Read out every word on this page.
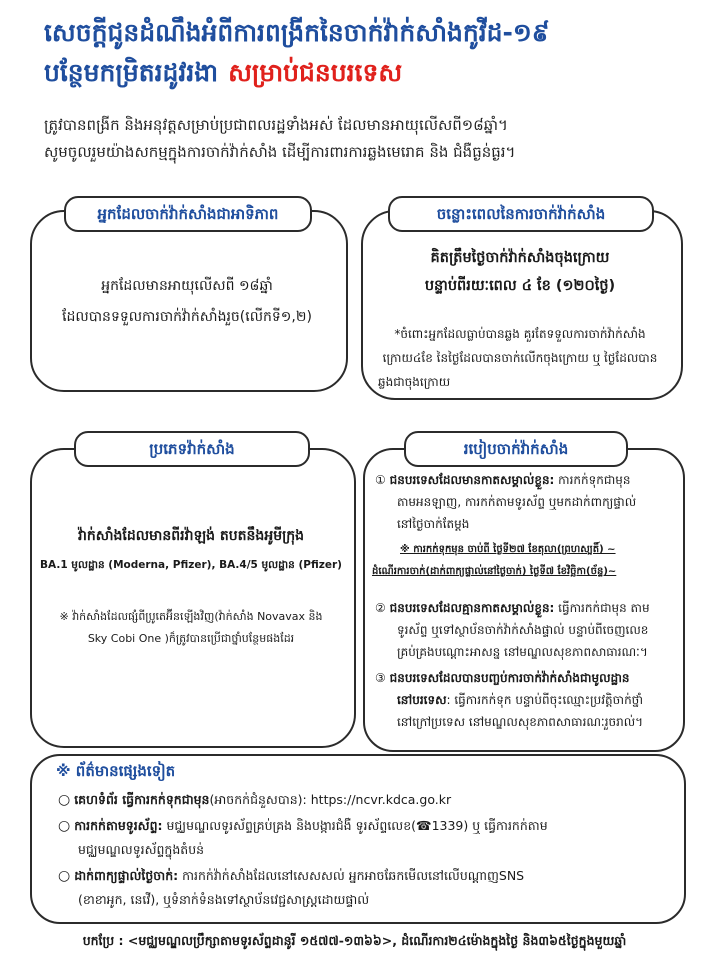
សេចក្តីជូនដំណឹងអំពីការពង្រីកនៃចាក់វ៉ាក់សាំងកូវីដ-១៩
បន្ថែមកម្រិតរដូវរងា សម្រាប់ជនបរទេស
ត្រូវបានពង្រីក និងអនុវត្តសម្រាប់ប្រជាពលរដ្ឋទាំងអស់ ដែលមានអាយុលើសពី១៨ឆ្នាំ។
សូមចូលរួមយ៉ាងសកម្មក្នុងការចាក់វ៉ាក់សាំង ដើម្បីការពារការឆ្លងមេរោគ និង ជំងឺធ្ងន់ធ្ងរ។
អ្នកដែលចាក់វ៉ាក់សាំងជាអាទិភាព
អ្នកដែលមានអាយុលើសពី ១៨ឆ្នាំ
ដែលបានទទួលការចាក់វ៉ាក់សាំងរួច(លើកទី១,២)
ចន្លោះពេលនៃការចាក់វ៉ាក់សាំង
គិតត្រឹមថ្ងៃចាក់វ៉ាក់សាំងចុងក្រោយ
បន្ទាប់ពីរយៈពេល ៤ ខែ (១២០ថ្ងៃ)
*ចំពោះអ្នកដែលធ្លាប់បានឆ្លង គួរតែទទួលការចាក់វ៉ាក់សាំង
ក្រោយ៤ខែ នៃថ្ងៃដែលបានចាក់លើកចុងក្រោយ ឬ ថ្ងៃដែលបាន
ឆ្លងជាចុងក្រោយ
ប្រភេទវ៉ាក់សាំង
វ៉ាក់សាំងដែលមានពីរវ៉ាឡង់ តបតនឹងអូមីក្រុង
BA.1 មូលដ្ឋាន (Moderna, Pfizer), BA.4/5 មូលដ្ឋាន (Pfizer)
※ វ៉ាក់សាំងដែលផ្សំពីប្រូតេអ៊ីនឡើងវិញ(វ៉ាក់សាំង Novavax និង
Sky Cobi One )ក៏ត្រូវបានប្រើជាថ្នាំបន្ថែមផងដែរ
របៀបចាក់វ៉ាក់សាំង
① ជនបរទេសដែលមានកាតសម្គាល់ខ្លួន: ការកក់ទុកជាមុន
តាមអនឡាញ, ការកក់តាមទូរស័ព្ទ ឬមកដាក់ពាក្យផ្ទាល់
នៅថ្ងៃចាក់តែម្តង
※ ការកក់ទុកមុន ចាប់ពី ថ្ងៃទី២៧ ខែតុលា(ព្រហស្បតិ៍) ~
ដំណើរការចាក់(ដាក់ពាក្យផ្ទាល់នៅថ្ងៃចាក់) ថ្ងៃទី៧ ខែវិច្ឆិកា(ច័ន្ទ)~
② ជនបរទេសដែលគ្មានកាតសម្គាល់ខ្លួន: ធ្វើការកក់ជាមុន តាម
ទូរស័ព្ទ ឬទៅស្ថាប័នចាក់វ៉ាក់សាំងផ្ទាល់ បន្ទាប់ពីចេញលេខ
គ្រប់គ្រងបណ្តោះអាសន្ន នៅមណ្ឌលសុខភាពសាធារណៈ។
③ ជនបរទេសដែលបានបញ្ចប់ការចាក់វ៉ាក់សាំងជាមូលដ្ឋាន
នៅបរទេស: ធ្វើការកក់ទុក បន្ទាប់ពីចុះឈ្មោះប្រវត្តិចាក់ថ្នាំ
នៅក្រៅប្រទេស នៅមណ្ឌលសុខភាពសាធារណៈរួចរាល់។
※ ព័ត៌មានផ្សេងទៀត
○ គេហទំព័រ ធ្វើការកក់ទុកជាមុន(អាចកក់ជំនួសបាន): https://ncvr.kdca.go.kr
○ ការកក់តាមទូរស័ព្ទ: មជ្ឈមណ្ឌលទូរស័ព្ទគ្រប់គ្រង និងបង្ការជំងឺ ទូរស័ព្ទលេខ(☎1339) ឬ ធ្វើការកក់តាម
មជ្ឈមណ្ឌលទូរស័ព្ទក្នុងតំបន់
○ ដាក់ពាក្យផ្ទាល់ថ្ងៃចាក់: ការកក់វ៉ាក់សាំងដែលនៅសេសសល់ អ្នកអាចឆែកមើលនៅលើបណ្តាញSNS
(ខាខាអូក, នេវើ), ឬទំនាក់ទំនងទៅស្ថាប័នវេជ្ជសាស្ត្រដោយផ្ទាល់
បកប្រែ : <មជ្ឈមណ្ឌលប្រឹក្សាតាមទូរស័ព្ទដានូរី ១៥៧៧-១៣៦៦>, ដំណើរការ២៤ម៉ោងក្នុងថ្ងៃ និង៣៦៥ថ្ងៃក្នុងមួយឆ្នាំ
